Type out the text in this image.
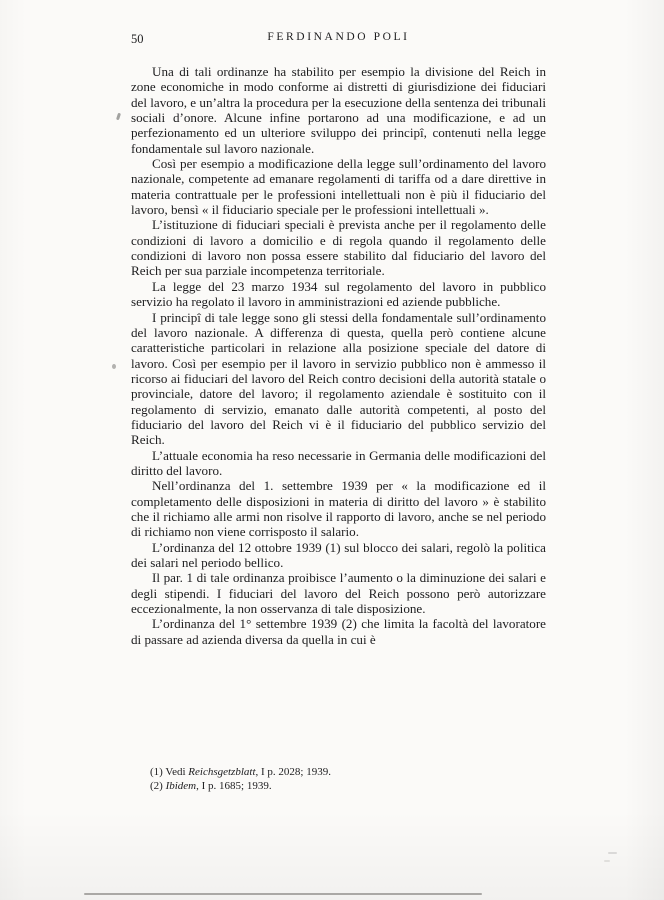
50	FERDINANDO POLI

Una di tali ordinanze ha stabilito per esempio la divisione del Reich in zone economiche in modo conforme ai distretti di giurisdizione dei fiduciari del lavoro, e un’altra la procedura per la esecuzione della sentenza dei tribunali sociali d’onore. Alcune infine portarono ad una modificazione, e ad un perfezionamento ed un ulteriore sviluppo dei principî, contenuti nella legge fondamentale sul lavoro nazionale.

Così per esempio a modificazione della legge sull’ordinamento del lavoro nazionale, competente ad emanare regolamenti di tariffa od a dare direttive in materia contrattuale per le professioni intellettuali non è più il fiduciario del lavoro, bensì « il fiduciario speciale per le professioni intellettuali ».

L’istituzione di fiduciari speciali è prevista anche per il regolamento delle condizioni di lavoro a domicilio e di regola quando il regolamento delle condizioni di lavoro non possa essere stabilito dal fiduciario del lavoro del Reich per sua parziale incompetenza territoriale.

La legge del 23 marzo 1934 sul regolamento del lavoro in pubblico servizio ha regolato il lavoro in amministrazioni ed aziende pubbliche.

I principî di tale legge sono gli stessi della fondamentale sull’ordinamento del lavoro nazionale. A differenza di questa, quella però contiene alcune caratteristiche particolari in relazione alla posizione speciale del datore di lavoro. Così per esempio per il lavoro in servizio pubblico non è ammesso il ricorso ai fiduciari del lavoro del Reich contro decisioni della autorità statale o provinciale, datore del lavoro; il regolamento aziendale è sostituito con il regolamento di servizio, emanato dalle autorità competenti, al posto del fiduciario del lavoro del Reich vi è il fiduciario del pubblico servizio del Reich.

L’attuale economia ha reso necessarie in Germania delle modificazioni del diritto del lavoro.

Nell’ordinanza del 1. settembre 1939 per « la modificazione ed il completamento delle disposizioni in materia di diritto del lavoro » è stabilito che il richiamo alle armi non risolve il rapporto di lavoro, anche se nel periodo di richiamo non viene corrisposto il salario.

L’ordinanza del 12 ottobre 1939 (1) sul blocco dei salari, regolò la politica dei salari nel periodo bellico.

Il par. 1 di tale ordinanza proibisce l’aumento o la diminuzione dei salari e degli stipendi. I fiduciari del lavoro del Reich possono però autorizzare eccezionalmente, la non osservanza di tale disposizione.

L’ordinanza del 1° settembre 1939 (2) che limita la facoltà del lavoratore di passare ad azienda diversa da quella in cui è

(1) Vedi Reichsgetzblatt, I p. 2028; 1939.

(2) Ibidem, I p. 1685; 1939.
